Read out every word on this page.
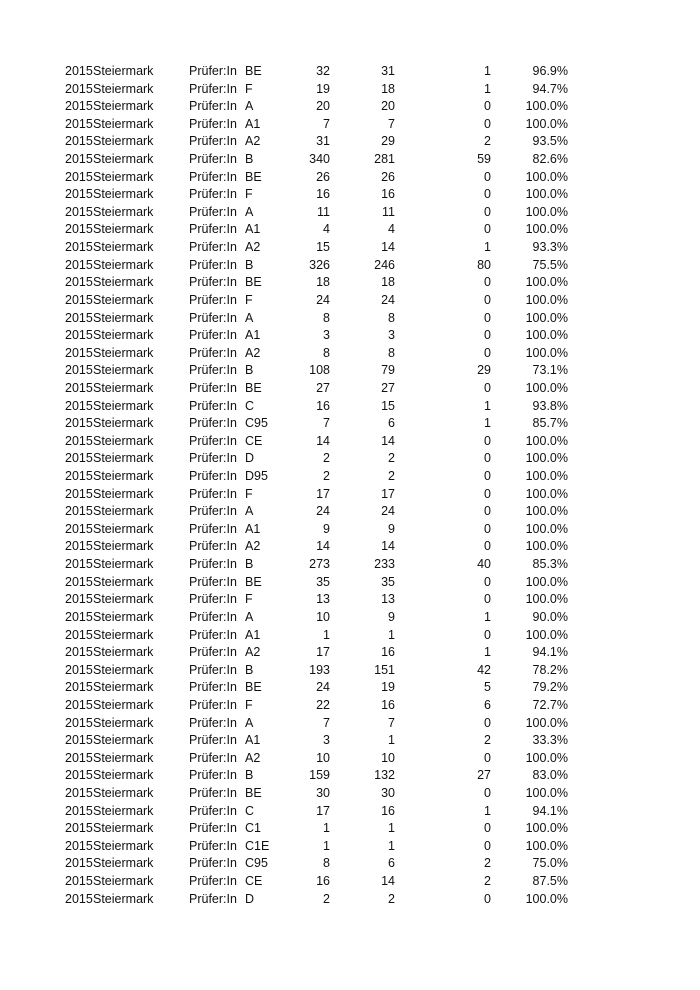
2015 Steiermark	Prüfer:In BE	32	31	1	96.9%
2015 Steiermark	Prüfer:In F	19	18	1	94.7%
2015 Steiermark	Prüfer:In A	20	20	0	100.0%
2015 Steiermark	Prüfer:In A1	7	7	0	100.0%
2015 Steiermark	Prüfer:In A2	31	29	2	93.5%
2015 Steiermark	Prüfer:In B	340	281	59	82.6%
2015 Steiermark	Prüfer:In BE	26	26	0	100.0%
2015 Steiermark	Prüfer:In F	16	16	0	100.0%
2015 Steiermark	Prüfer:In A	11	11	0	100.0%
2015 Steiermark	Prüfer:In A1	4	4	0	100.0%
2015 Steiermark	Prüfer:In A2	15	14	1	93.3%
2015 Steiermark	Prüfer:In B	326	246	80	75.5%
2015 Steiermark	Prüfer:In BE	18	18	0	100.0%
2015 Steiermark	Prüfer:In F	24	24	0	100.0%
2015 Steiermark	Prüfer:In A	8	8	0	100.0%
2015 Steiermark	Prüfer:In A1	3	3	0	100.0%
2015 Steiermark	Prüfer:In A2	8	8	0	100.0%
2015 Steiermark	Prüfer:In B	108	79	29	73.1%
2015 Steiermark	Prüfer:In BE	27	27	0	100.0%
2015 Steiermark	Prüfer:In C	16	15	1	93.8%
2015 Steiermark	Prüfer:In C95	7	6	1	85.7%
2015 Steiermark	Prüfer:In CE	14	14	0	100.0%
2015 Steiermark	Prüfer:In D	2	2	0	100.0%
2015 Steiermark	Prüfer:In D95	2	2	0	100.0%
2015 Steiermark	Prüfer:In F	17	17	0	100.0%
2015 Steiermark	Prüfer:In A	24	24	0	100.0%
2015 Steiermark	Prüfer:In A1	9	9	0	100.0%
2015 Steiermark	Prüfer:In A2	14	14	0	100.0%
2015 Steiermark	Prüfer:In B	273	233	40	85.3%
2015 Steiermark	Prüfer:In BE	35	35	0	100.0%
2015 Steiermark	Prüfer:In F	13	13	0	100.0%
2015 Steiermark	Prüfer:In A	10	9	1	90.0%
2015 Steiermark	Prüfer:In A1	1	1	0	100.0%
2015 Steiermark	Prüfer:In A2	17	16	1	94.1%
2015 Steiermark	Prüfer:In B	193	151	42	78.2%
2015 Steiermark	Prüfer:In BE	24	19	5	79.2%
2015 Steiermark	Prüfer:In F	22	16	6	72.7%
2015 Steiermark	Prüfer:In A	7	7	0	100.0%
2015 Steiermark	Prüfer:In A1	3	1	2	33.3%
2015 Steiermark	Prüfer:In A2	10	10	0	100.0%
2015 Steiermark	Prüfer:In B	159	132	27	83.0%
2015 Steiermark	Prüfer:In BE	30	30	0	100.0%
2015 Steiermark	Prüfer:In C	17	16	1	94.1%
2015 Steiermark	Prüfer:In C1	1	1	0	100.0%
2015 Steiermark	Prüfer:In C1E	1	1	0	100.0%
2015 Steiermark	Prüfer:In C95	8	6	2	75.0%
2015 Steiermark	Prüfer:In CE	16	14	2	87.5%
2015 Steiermark	Prüfer:In D	2	2	0	100.0%
